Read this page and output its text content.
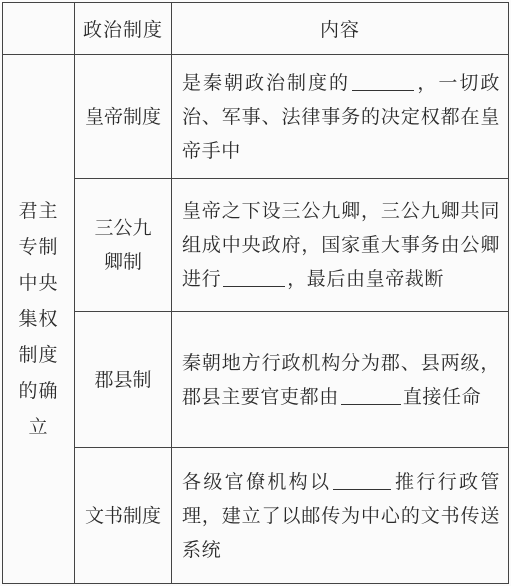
	政治制度	内容

君主专制中央集权制度的确立	皇帝制度	是秦朝政治制度的 ，一切政治、军事、法律事务的决定权都在皇帝手中

	三公九卿制	皇帝之下设三公九卿，三公九卿共同组成中央政府，国家重大事务由公卿进行 ，最后由皇帝裁断
	郡县制	秦朝地方行政机构分为郡、县两级，郡县主要官吏都由 直接任命
	文书制度	各级官僚机构以 推行行政管理，建立了以邮传为中心的文书传送系统
